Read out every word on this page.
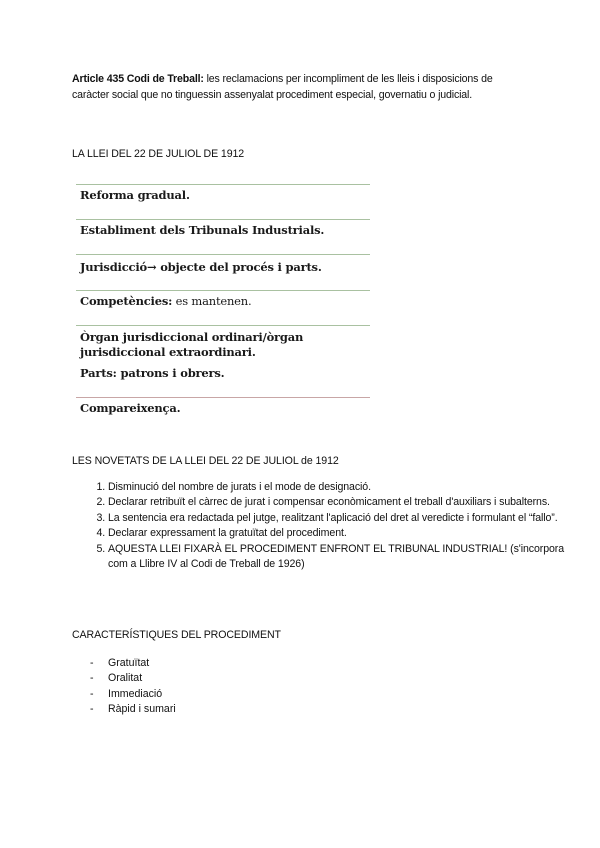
Article 435 Codi de Treball: les reclamacions per incompliment de les lleis i disposicions de caràcter social que no tinguessin assenyalat procediment especial, governatiu o judicial.

LA LLEI DEL 22 DE JULIOL DE 1912
Reforma gradual.
Establiment dels Tribunals Industrials.
Jurisdicció→ objecte del procés i parts.
Competències: es mantenen.
Òrgan jurisdiccional ordinari/òrgan jurisdiccional extraordinari.
Parts: patrons i obrers.
Compareixença.
LES NOVETATS DE LA LLEI DEL 22 DE JULIOL de 1912
1. Disminució del nombre de jurats i el mode de designació.
2. Declarar retribuït el càrrec de jurat i compensar econòmicament el treball d'auxiliars i subalterns.
3. La sentencia era redactada pel jutge, realitzant l'aplicació del dret al veredicte i formulant el “fallo”.
4. Declarar expressament la gratuïtat del procediment.
5. AQUESTA LLEI FIXARÀ EL PROCEDIMENT ENFRONT EL TRIBUNAL INDUSTRIAL! (s'incorpora com a Llibre IV al Codi de Treball de 1926)
CARACTERÍSTIQUES DEL PROCEDIMENT
- Gratuïtat
- Oralitat
- Immediació
- Ràpid i sumari
